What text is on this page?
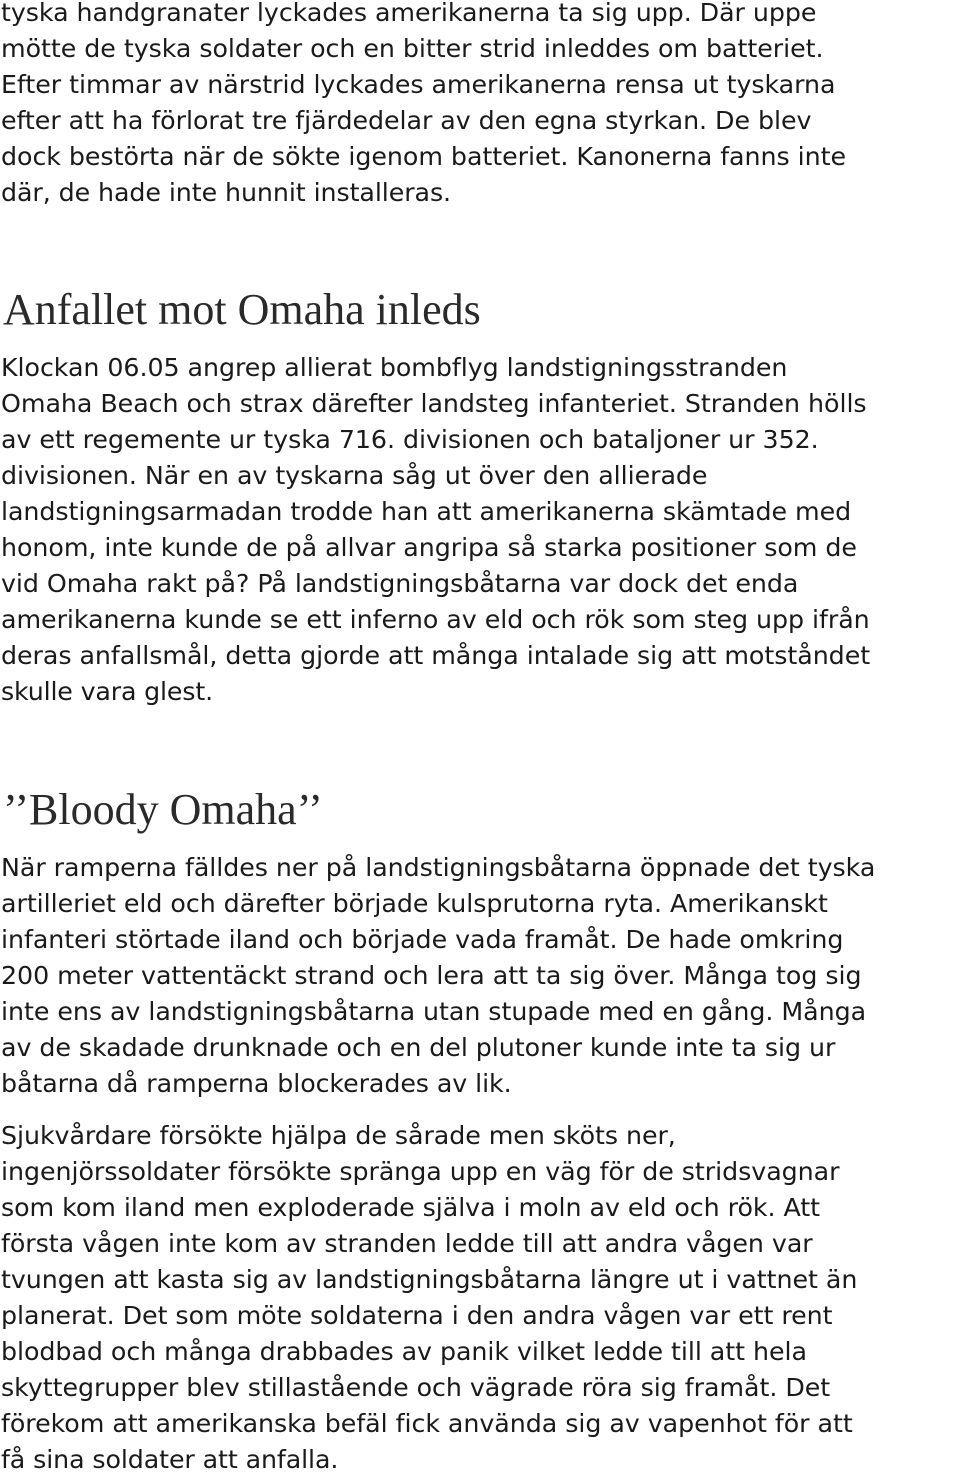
tyska handgranater lyckades amerikanerna ta sig upp. Där uppe
mötte de tyska soldater och en bitter strid inleddes om batteriet.
Efter timmar av närstrid lyckades amerikanerna rensa ut tyskarna
efter att ha förlorat tre fjärdedelar av den egna styrkan. De blev
dock bestörta när de sökte igenom batteriet. Kanonerna fanns inte
där, de hade inte hunnit installeras.
Anfallet mot Omaha inleds
Klockan 06.05 angrep allierat bombflyg landstigningsstranden
Omaha Beach och strax därefter landsteg infanteriet. Stranden hölls
av ett regemente ur tyska 716. divisionen och bataljoner ur 352.
divisionen. När en av tyskarna såg ut över den allierade
landstigningsarmadan trodde han att amerikanerna skämtade med
honom, inte kunde de på allvar angripa så starka positioner som de
vid Omaha rakt på? På landstigningsbåtarna var dock det enda
amerikanerna kunde se ett inferno av eld och rök som steg upp ifrån
deras anfallsmål, detta gjorde att många intalade sig att motståndet
skulle vara glest.
’’Bloody Omaha’’
När ramperna fälldes ner på landstigningsbåtarna öppnade det tyska
artilleriet eld och därefter började kulsprutorna ryta. Amerikanskt
infanteri störtade iland och började vada framåt. De hade omkring
200 meter vattentäckt strand och lera att ta sig över. Många tog sig
inte ens av landstigningsbåtarna utan stupade med en gång. Många
av de skadade drunknade och en del plutoner kunde inte ta sig ur
båtarna då ramperna blockerades av lik.
Sjukvårdare försökte hjälpa de sårade men sköts ner,
ingenjörssoldater försökte spränga upp en väg för de stridsvagnar
som kom iland men exploderade själva i moln av eld och rök. Att
första vågen inte kom av stranden ledde till att andra vågen var
tvungen att kasta sig av landstigningsbåtarna längre ut i vattnet än
planerat. Det som möte soldaterna i den andra vågen var ett rent
blodbad och många drabbades av panik vilket ledde till att hela
skyttegrupper blev stillastående och vägrade röra sig framåt. Det
förekom att amerikanska befäl fick använda sig av vapenhot för att
få sina soldater att anfalla.
